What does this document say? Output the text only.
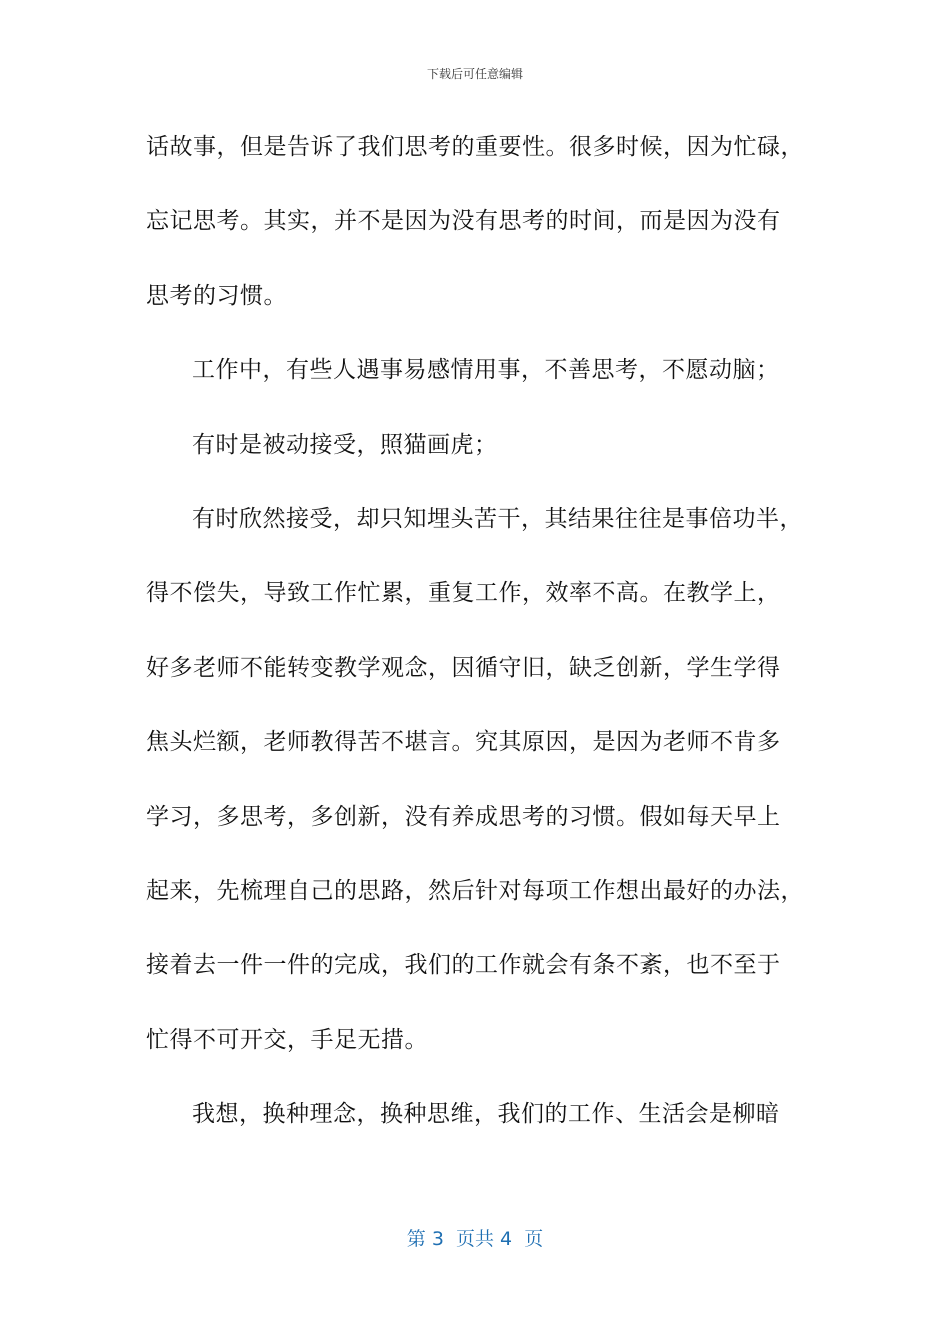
下载后可任意编辑
话故事，但是告诉了我们思考的重要性。很多时候，因为忙碌，
忘记思考。其实，并不是因为没有思考的时间，而是因为没有
思考的习惯。
工作中，有些人遇事易感情用事，不善思考，不愿动脑；
有时是被动接受，照猫画虎；
有时欣然接受，却只知埋头苦干，其结果往往是事倍功半，
得不偿失，导致工作忙累，重复工作，效率不高。在教学上，
好多老师不能转变教学观念，因循守旧，缺乏创新，学生学得
焦头烂额，老师教得苦不堪言。究其原因，是因为老师不肯多
学习，多思考，多创新，没有养成思考的习惯。假如每天早上
起来，先梳理自己的思路，然后针对每项工作想出最好的办法，
接着去一件一件的完成，我们的工作就会有条不紊，也不至于
忙得不可开交，手足无措。
我想，换种理念，换种思维，我们的工作、生活会是柳暗
第 3  页共 4  页
